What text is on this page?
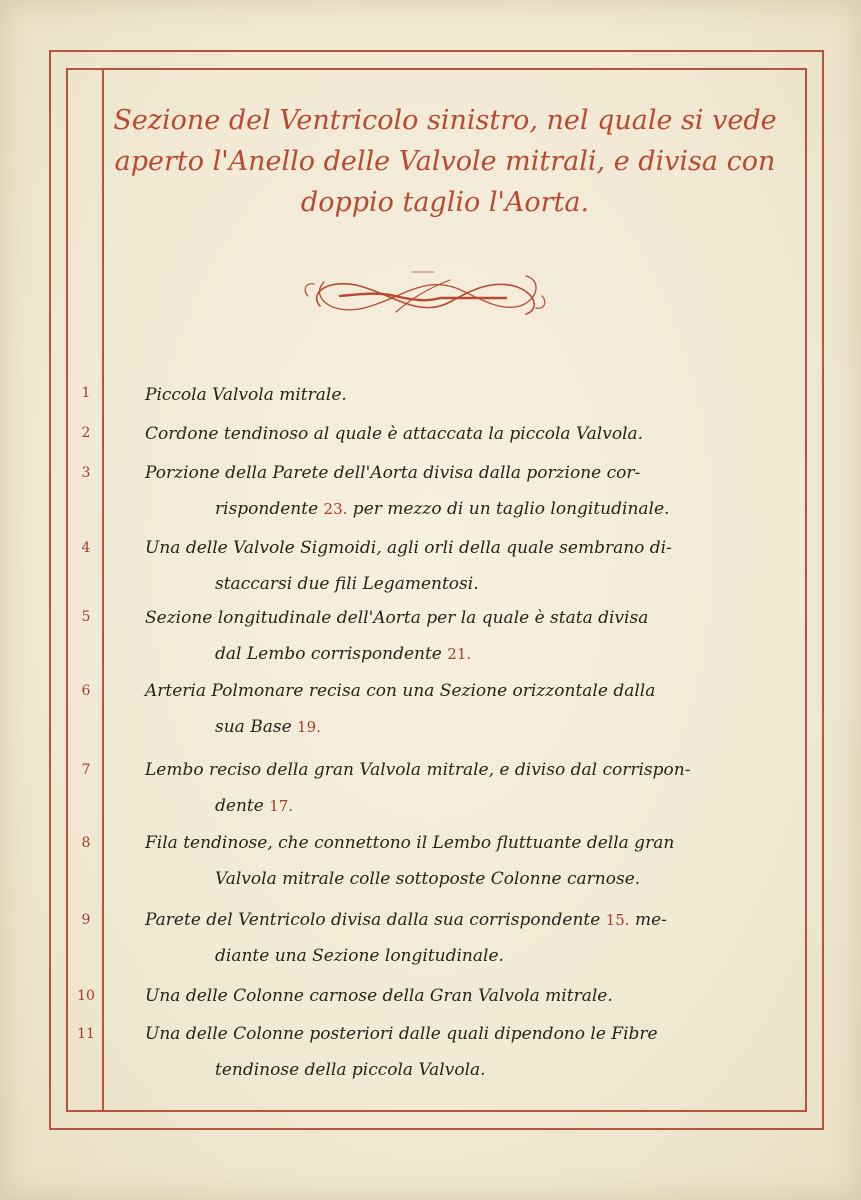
Sezione del Ventricolo sinistro, nel quale si vede aperto l'Anello delle Valvole mitrali, e divisa con doppio taglio l'Aorta.
1	Piccola Valvola mitrale.

2	Cordone tendinoso al quale è attaccata la piccola Valvola.

3	Porzione della Parete dell'Aorta divisa dalla porzione cor-
rispondente 23. per mezzo di un taglio longitudinale.

4	Una delle Valvole Sigmoidi, agli orli della quale sembrano di-
staccarsi due fili Legamentosi.

5	Sezione longitudinale dell'Aorta per la quale è stata divisa
dal Lembo corrispondente 21.

6	Arteria Polmonare recisa con una Sezione orizzontale dalla
sua Base 19.

7	Lembo reciso della gran Valvola mitrale, e diviso dal corrispon-
dente 17.

8	Fila tendinose, che connettono il Lembo fluttuante della gran
Valvola mitrale colle sottoposte Colonne carnose.

9	Parete del Ventricolo divisa dalla sua corrispondente 15. me-
diante una Sezione longitudinale.

10	Una delle Colonne carnose della Gran Valvola mitrale.

11	Una delle Colonne posteriori dalle quali dipendono le Fibre
tendinose della piccola Valvola.
